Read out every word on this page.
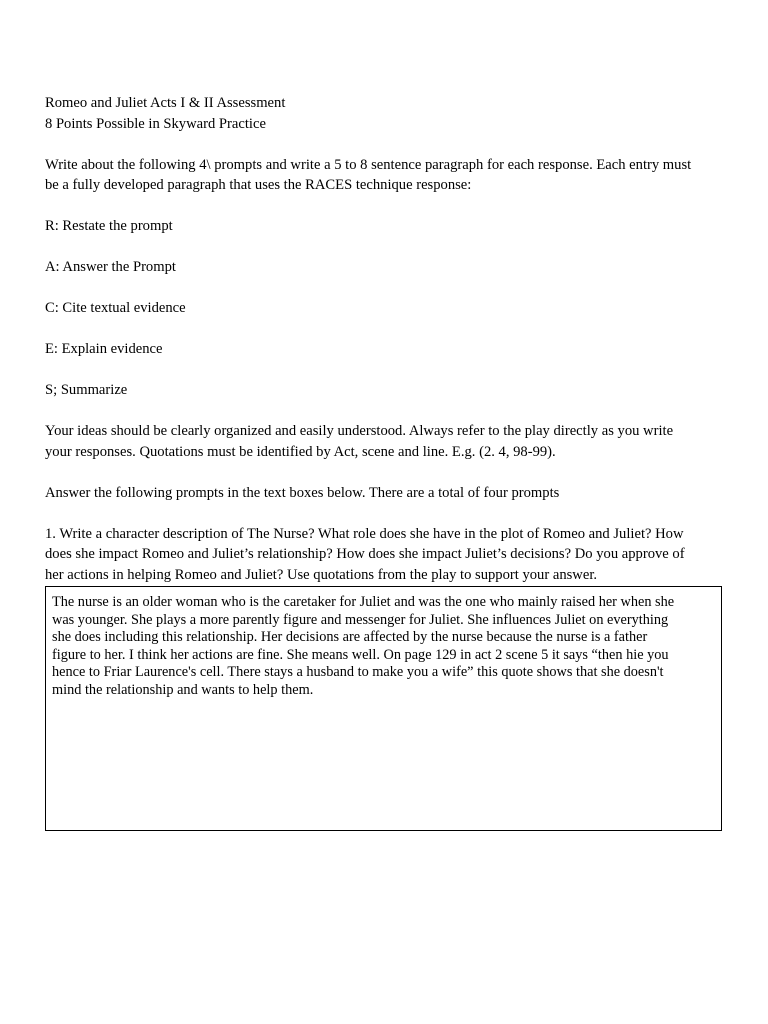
Romeo and Juliet Acts I & II Assessment
8 Points Possible in Skyward Practice
Write about the following 4\ prompts and write a 5 to 8 sentence paragraph for each response. Each entry must
be a fully developed paragraph that uses the RACES technique response:
R: Restate the prompt
A: Answer the Prompt
C: Cite textual evidence
E: Explain evidence
S; Summarize
Your ideas should be clearly organized and easily understood. Always refer to the play directly as you write
your responses. Quotations must be identified by Act, scene and line. E.g. (2. 4, 98-99).
Answer the following prompts in the text boxes below. There are a total of four prompts
1. Write a character description of The Nurse? What role does she have in the plot of Romeo and Juliet? How
does she impact Romeo and Juliet’s relationship? How does she impact Juliet’s decisions? Do you approve of
her actions in helping Romeo and Juliet? Use quotations from the play to support your answer.
The nurse is an older woman who is the caretaker for Juliet and was the one who mainly raised her when she
was younger. She plays a more parently figure and messenger for Juliet. She influences Juliet on everything
she does including this relationship. Her decisions are affected by the nurse because the nurse is a father
figure to her. I think her actions are fine. She means well. On page 129 in act 2 scene 5 it says “then hie you
hence to Friar Laurence's cell. There stays a husband to make you a wife” this quote shows that she doesn't
mind the relationship and wants to help them.
